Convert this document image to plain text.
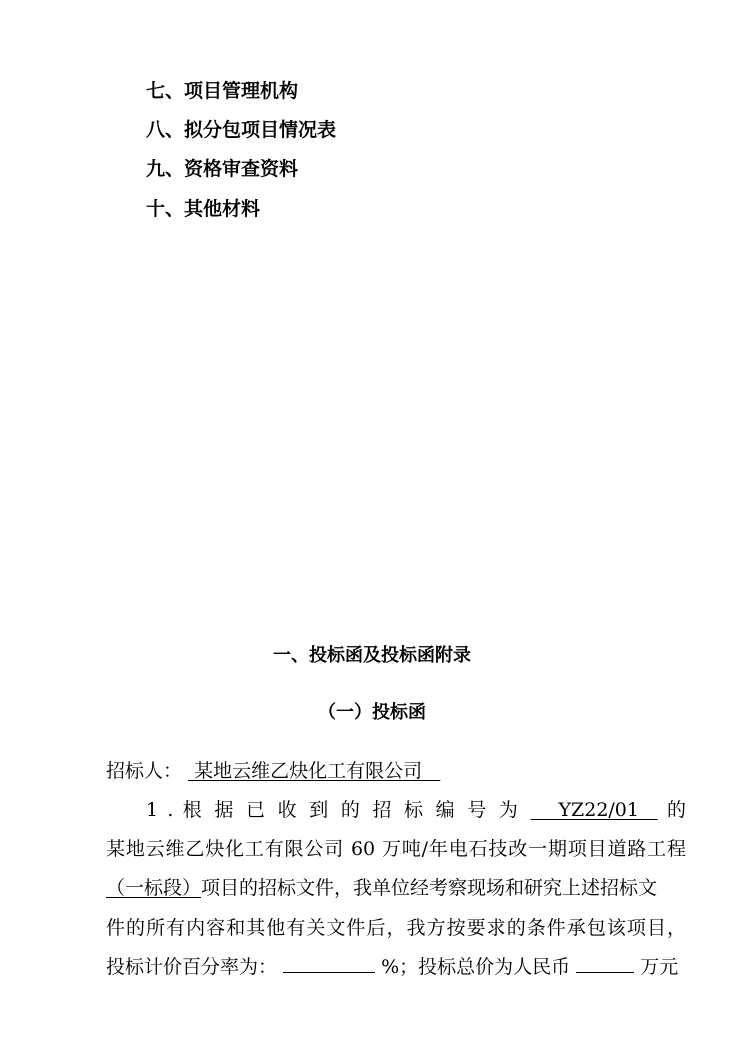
七、项目管理机构
八、拟分包项目情况表
九、资格审查资料
十、其他材料
一、投标函及投标函附录
（一）投标函
招标人： 某地云维乙炔化工有限公司
1 . 根 据 已 收 到 的 招 标 编 号 为 YZ22/01 的
某地云维乙炔化工有限公司 60 万吨/年电石技改一期项目道路工程
（一标段）项目的招标文件，我单位经考察现场和研究上述招标文
件的所有内容和其他有关文件后，我方按要求的条件承包该项目，
投标计价百分率为：	%；投标总价为人民币	万元
